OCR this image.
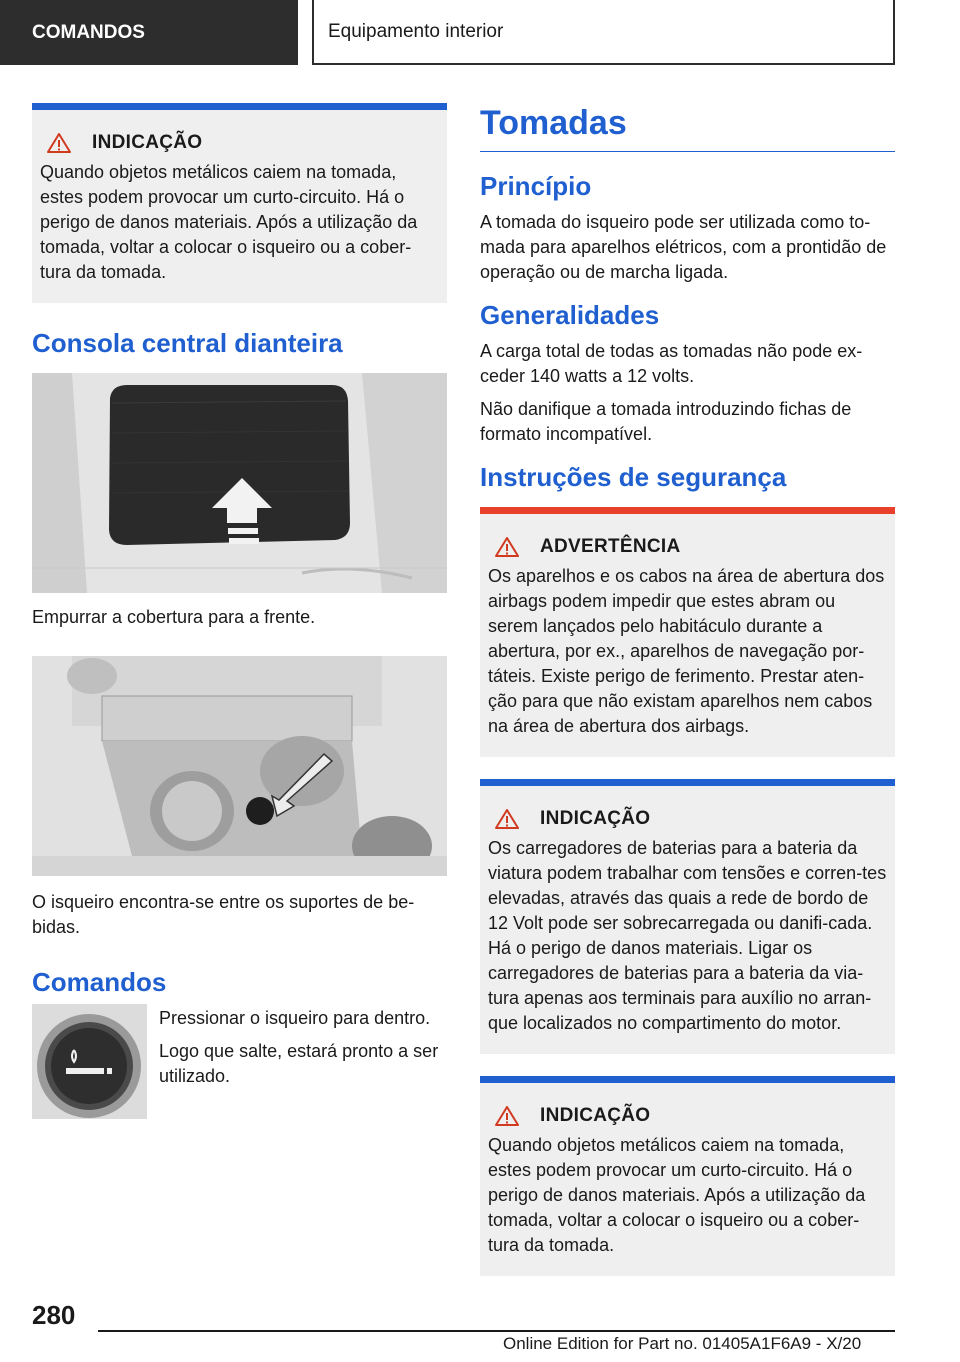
COMANDOS	Equipamento interior
INDICAÇÃO

Quando objetos metálicos caiem na tomada, estes podem provocar um curto-circuito. Há o perigo de danos materiais. Após a utilização da tomada, voltar a colocar o isqueiro ou a cober-tura da tomada.

Consola central dianteira

Empurrar a cobertura para a frente.

O isqueiro encontra-se entre os suportes de be-bidas.

Comandos

Pressionar o isqueiro para dentro.

Logo que salte, estará pronto a ser utilizado.

Tomadas
Princípio

A tomada do isqueiro pode ser utilizada como to-mada para aparelhos elétricos, com a prontidão de operação ou de marcha ligada.

Generalidades

A carga total de todas as tomadas não pode ex-ceder 140 watts a 12 volts.

Não danifique a tomada introduzindo fichas de formato incompatível.

Instruções de segurança
ADVERTÊNCIA

Os aparelhos e os cabos na área de abertura dos airbags podem impedir que estes abram ou serem lançados pelo habitáculo durante a abertura, por ex., aparelhos de navegação por-táteis. Existe perigo de ferimento. Prestar aten-ção para que não existam aparelhos nem cabos na área de abertura dos airbags.

INDICAÇÃO

Os carregadores de baterias para a bateria da viatura podem trabalhar com tensões e corren-tes elevadas, através das quais a rede de bordo de 12 Volt pode ser sobrecarregada ou danifi-cada. Há o perigo de danos materiais. Ligar os carregadores de baterias para a bateria da via-tura apenas aos terminais para auxílio no arran-que localizados no compartimento do motor.

INDICAÇÃO

Quando objetos metálicos caiem na tomada, estes podem provocar um curto-circuito. Há o perigo de danos materiais. Após a utilização da tomada, voltar a colocar o isqueiro ou a cober-tura da tomada.

280
Online Edition for Part no. 01405A1F6A9 - X/20
